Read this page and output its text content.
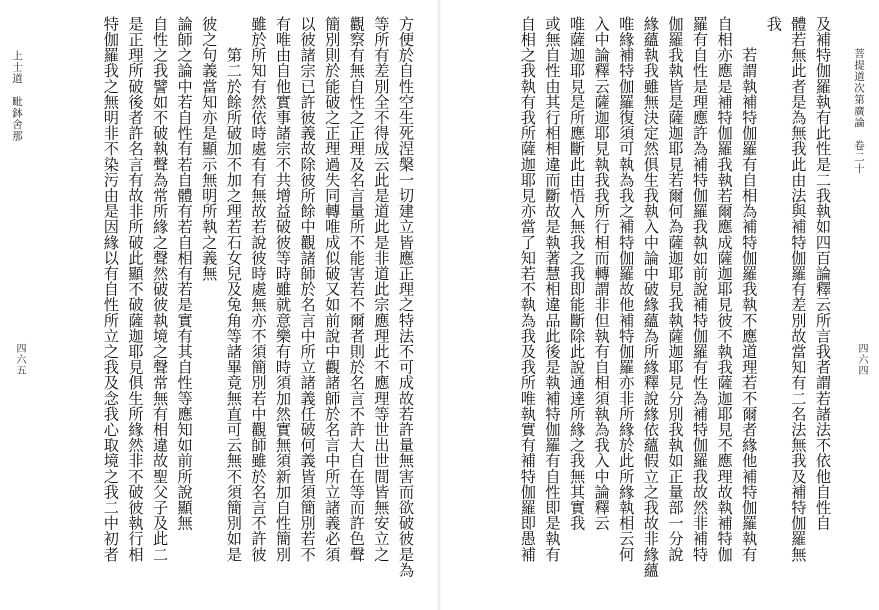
方便於自性空生死涅槃一切建立皆應正理之特法不可成故若許量無害而欲破彼是為
等所有差別全不得成云此是道此是非道此宗應理此不應理等世出世間皆無安立之
觀察有無自性之正理及名言量所不能害若不爾者則於名言不許大自在等而許色聲
簡別則於能破之正理過失同轉唯成似破又如前說中觀諸師於名言中所立諸義必須
以彼諸宗已許彼義故除彼所餘中觀諸師於名言中所立諸義任破何義皆須簡別若不
有唯由自他實事諸宗不共增益破彼等時雖就意樂有時須加然實無須新加自性簡別
雖於所知有然依時處有有無故若說彼時處無亦不須簡別若中觀師雖於名言不許彼
　　第二於餘所破加不加之理若石女兒及兔角等諸畢竟無直可云無不須簡別如是
彼之句義當知亦是顯示無明所執之義無
論師之論中若自性有若自體有若自相有若是實有其自性等應知如前所說顯無
自性之我譬如不破執聲為常所緣之聲然破彼執境之聲常無有相違故聖父子及此二
是正理所破後者許名言有故非所破此顯不破薩迦耶見俱生所緣然非不破彼執行相
特伽羅我之無明非不染污由是因緣以有自性所立之我及念我心取境之我二中初者
上士道　毗鉢舍那
四六五	及補特伽羅執有此性是二我執如四百論釋云所言我者謂若諸法不依他自性自
體若無此者是為無我此由法與補特伽羅有差別故當知有二名法無我及補特伽羅無
我
　　若謂執補特伽羅有自相為補特伽羅我執不應道理若不爾者緣他補特伽羅執有
自相亦應是補特伽羅我執若爾應成薩迦耶見彼不執我薩迦耶見不應理故執補特伽
羅有自性是理應許為補特伽羅我執如前說補特伽羅有性為補特伽羅我故然非補特
伽羅我執皆是薩迦耶見若爾何為薩迦耶見我執薩迦耶見分別我執如正量部一分說
緣蘊執我雖無決定然俱生我執入中論中破緣蘊為所緣釋說緣依蘊假立之我故非緣蘊
唯緣補特伽羅復須可執為我之補特伽羅故他補特伽羅亦非所緣於此所緣執相云何
入中論釋云薩迦耶見執我我所行相而轉謂非但執有自相須執為我入中論釋云
唯薩迦耶見是所應斷此由悟入無我之我即能斷除此說通達所緣之我無其實我
或無自性由其行相相違而斷故是執著慧相違品此後是執補特伽羅有自性即是執有
自相之我執有我所薩迦耶見亦當了知若不執為我及我所唯執實有補特伽羅即愚補	菩提道次第廣論　卷二十
四六四
